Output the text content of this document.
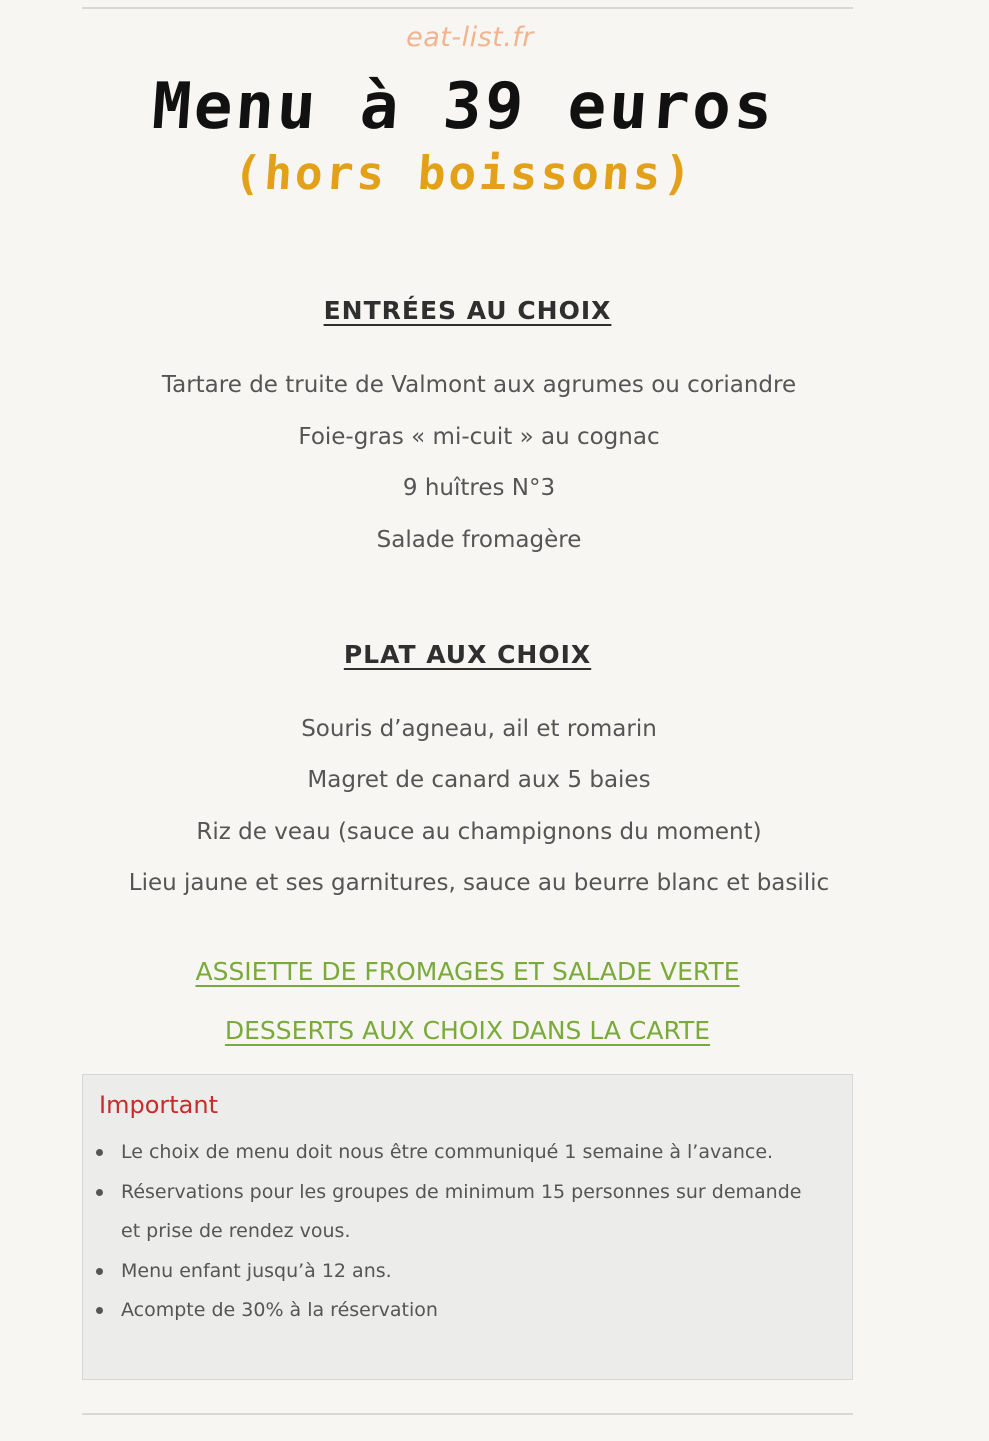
eat-list.fr
Menu à 39 euros
(hors boissons)
ENTRÉES AU CHOIX
Tartare de truite de Valmont aux agrumes ou coriandre
Foie-gras « mi-cuit » au cognac
9 huîtres N°3
Salade fromagère
PLAT AUX CHOIX
Souris d’agneau, ail et romarin
Magret de canard aux 5 baies
Riz de veau (sauce au champignons du moment)
Lieu jaune et ses garnitures, sauce au beurre blanc et basilic
ASSIETTE DE FROMAGES ET SALADE VERTE
DESSERTS AUX CHOIX DANS LA CARTE
Important
Le choix de menu doit nous être communiqué 1 semaine à l’avance.
Réservations pour les groupes de minimum 15 personnes sur demande
et prise de rendez vous.
Menu enfant jusqu’à 12 ans.
Acompte de 30% à la réservation
